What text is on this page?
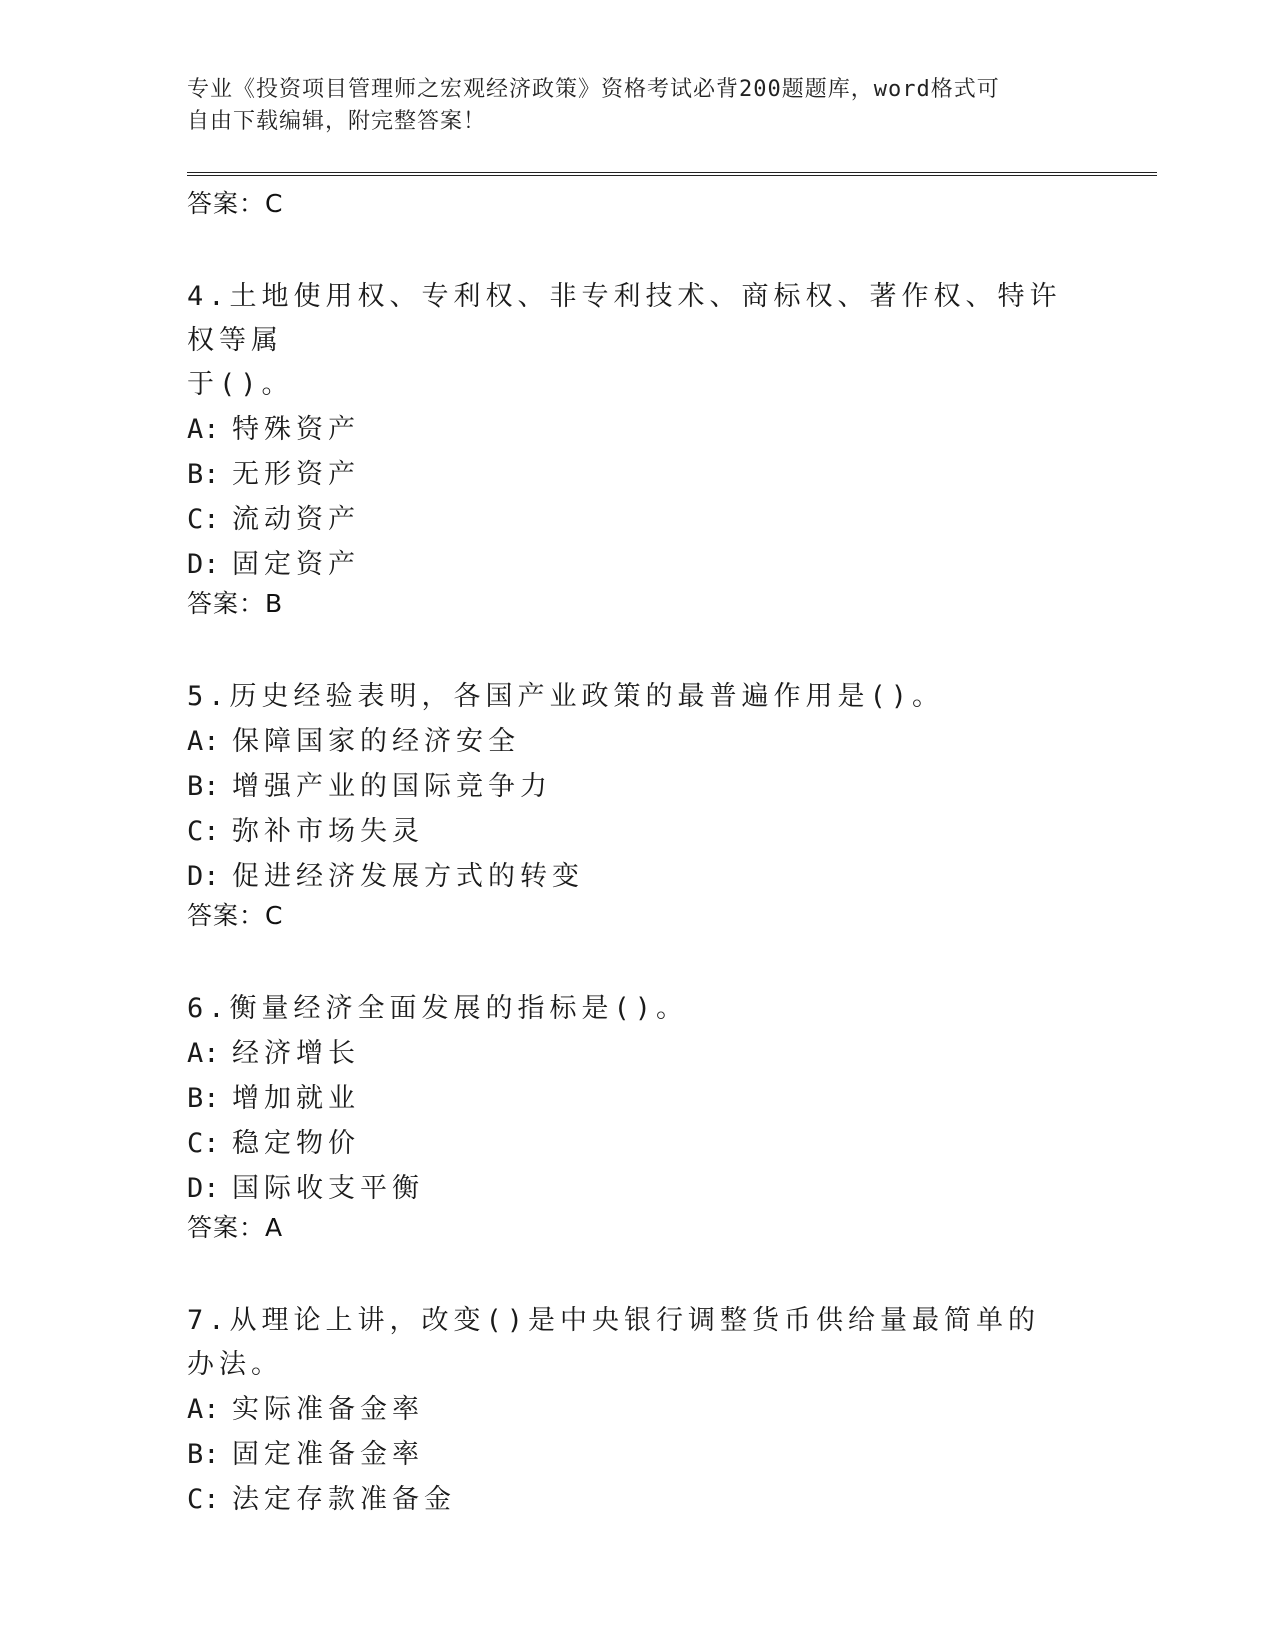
专业《投资项目管理师之宏观经济政策》资格考试必背200题题库，word格式可
自由下载编辑，附完整答案！
答案：C
4.土地使用权、专利权、非专利技术、商标权、著作权、特许权等属
于()。
A: 特殊资产
B: 无形资产
C: 流动资产
D: 固定资产
答案：B
5.历史经验表明，各国产业政策的最普遍作用是()。
A: 保障国家的经济安全
B: 增强产业的国际竞争力
C: 弥补市场失灵
D: 促进经济发展方式的转变
答案：C
6.衡量经济全面发展的指标是()。
A: 经济增长
B: 增加就业
C: 稳定物价
D: 国际收支平衡
答案：A
7.从理论上讲，改变()是中央银行调整货币供给量最简单的办法。
A: 实际准备金率
B: 固定准备金率
C: 法定存款准备金
